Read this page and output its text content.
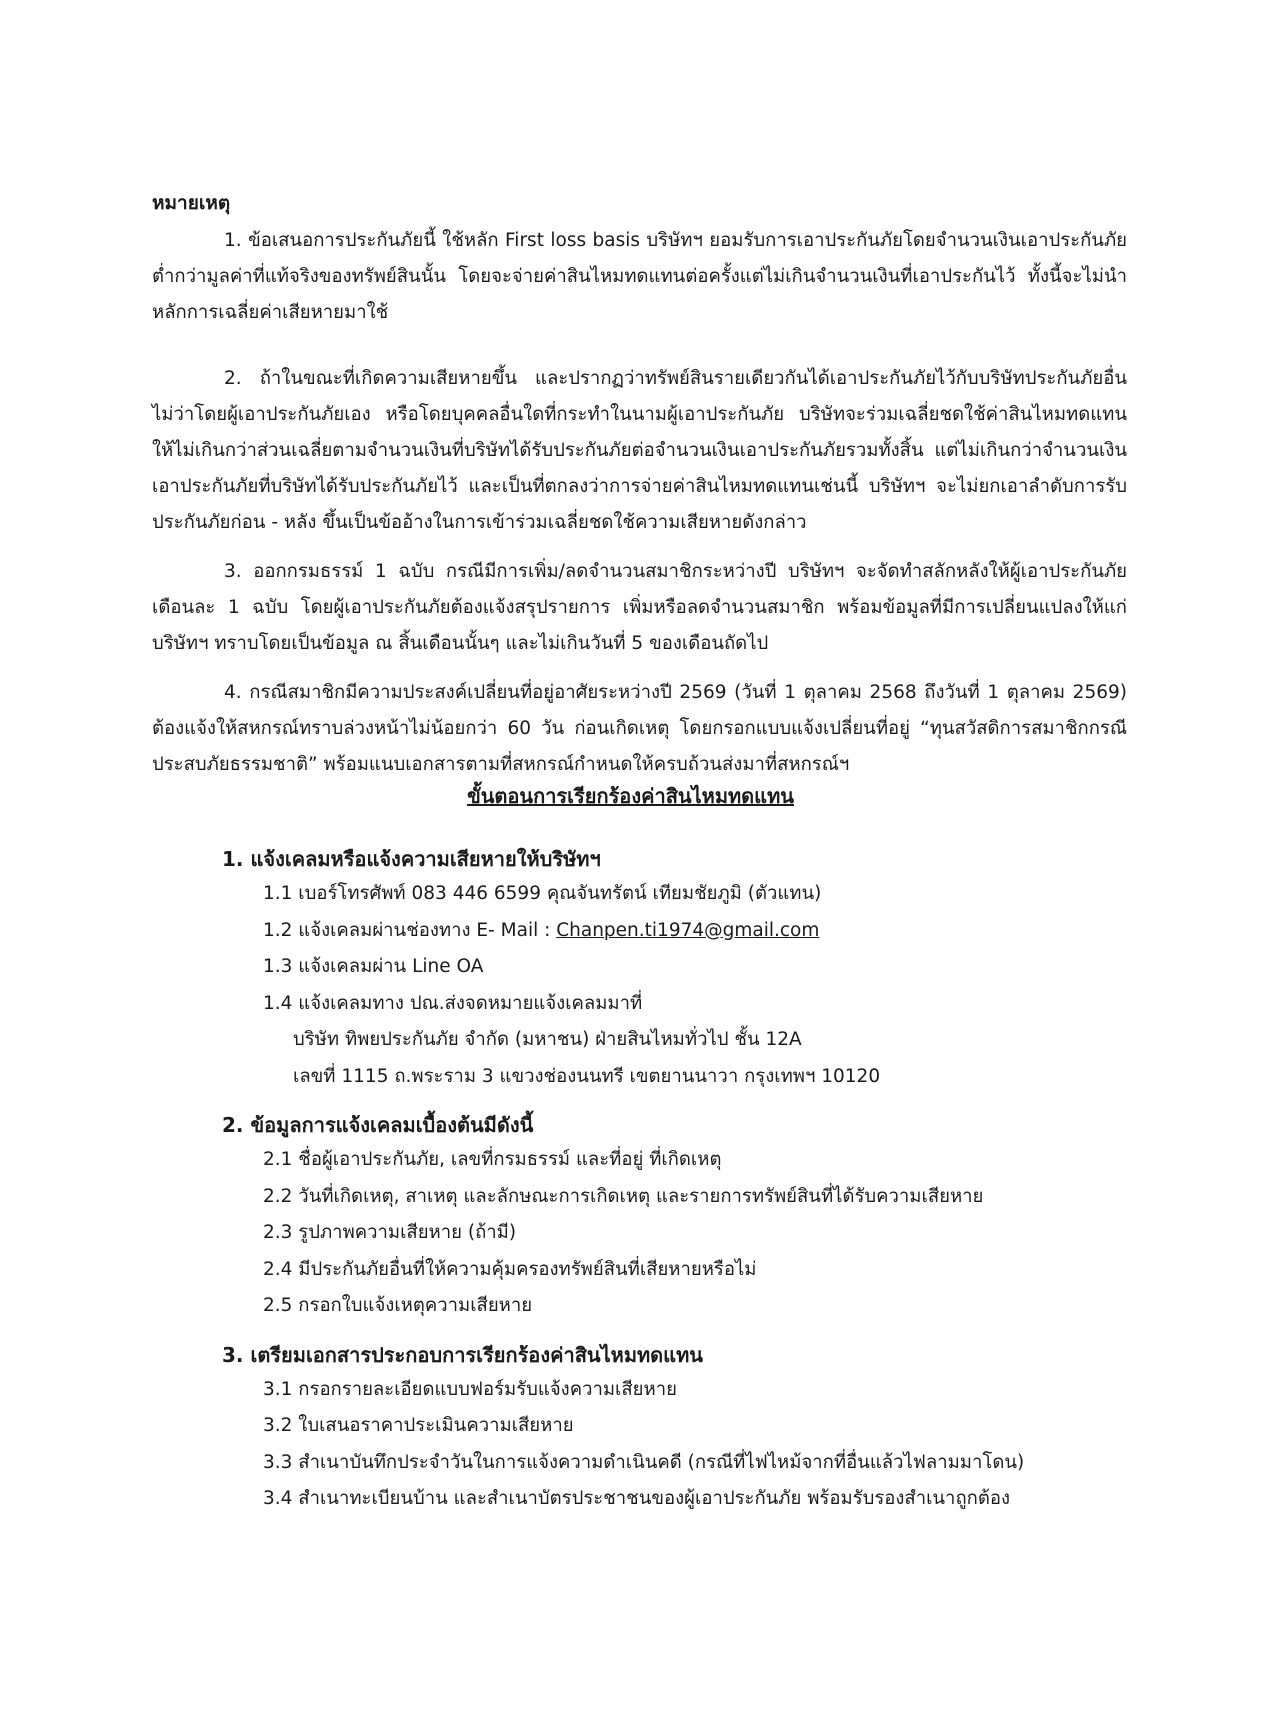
หมายเหตุ

1. ข้อเสนอการประกันภัยนี้ ใช้หลัก First loss basis บริษัทฯ ยอมรับการเอาประกันภัยโดยจำนวนเงินเอาประกันภัยต่ำกว่ามูลค่าที่แท้จริงของทรัพย์สินนั้น โดยจะจ่ายค่าสินไหมทดแทนต่อครั้งแต่ไม่เกินจำนวนเงินที่เอาประกันไว้ ทั้งนี้จะไม่นำหลักการเฉลี่ยค่าเสียหายมาใช้

2. ถ้าในขณะที่เกิดความเสียหายขึ้น และปรากฏว่าทรัพย์สินรายเดียวกันได้เอาประกันภัยไว้กับบริษัทประกันภัยอื่น ไม่ว่าโดยผู้เอาประกันภัยเอง หรือโดยบุคคลอื่นใดที่กระทำในนามผู้เอาประกันภัย บริษัทจะร่วมเฉลี่ยชดใช้ค่าสินไหมทดแทนให้ไม่เกินกว่าส่วนเฉลี่ยตามจำนวนเงินที่บริษัทได้รับประกันภัยต่อจำนวนเงินเอาประกันภัยรวมทั้งสิ้น แต่ไม่เกินกว่าจำนวนเงินเอาประกันภัยที่บริษัทได้รับประกันภัยไว้ และเป็นที่ตกลงว่าการจ่ายค่าสินไหมทดแทนเช่นนี้ บริษัทฯ จะไม่ยกเอาลำดับการรับประกันภัยก่อน - หลัง ขึ้นเป็นข้ออ้างในการเข้าร่วมเฉลี่ยชดใช้ความเสียหายดังกล่าว

3. ออกกรมธรรม์ 1 ฉบับ กรณีมีการเพิ่ม/ลดจำนวนสมาชิกระหว่างปี บริษัทฯ จะจัดทำสลักหลังให้ผู้เอาประกันภัยเดือนละ 1 ฉบับ โดยผู้เอาประกันภัยต้องแจ้งสรุปรายการ เพิ่มหรือลดจำนวนสมาชิก พร้อมข้อมูลที่มีการเปลี่ยนแปลงให้แก่บริษัทฯ ทราบโดยเป็นข้อมูล ณ สิ้นเดือนนั้นๆ และไม่เกินวันที่ 5 ของเดือนถัดไป

4. กรณีสมาชิกมีความประสงค์เปลี่ยนที่อยู่อาศัยระหว่างปี 2569 (วันที่ 1 ตุลาคม 2568 ถึงวันที่ 1 ตุลาคม 2569) ต้องแจ้งให้สหกรณ์ทราบล่วงหน้าไม่น้อยกว่า 60 วัน ก่อนเกิดเหตุ โดยกรอกแบบแจ้งเปลี่ยนที่อยู่ “ทุนสวัสดิการสมาชิกกรณีประสบภัยธรรมชาติ” พร้อมแนบเอกสารตามที่สหกรณ์กำหนดให้ครบถ้วนส่งมาที่สหกรณ์ฯ

ขั้นตอนการเรียกร้องค่าสินไหมทดแทน
1. แจ้งเคลมหรือแจ้งความเสียหายให้บริษัทฯ
1.1 เบอร์โทรศัพท์ 083 446 6599 คุณจันทรัตน์ เทียมชัยภูมิ (ตัวแทน)
1.2 แจ้งเคลมผ่านช่องทาง E- Mail : Chanpen.ti1974@gmail.com
1.3 แจ้งเคลมผ่าน Line OA
1.4 แจ้งเคลมทาง ปณ.ส่งจดหมายแจ้งเคลมมาที่
บริษัท ทิพยประกันภัย จำกัด (มหาชน) ฝ่ายสินไหมทั่วไป ชั้น 12A
เลขที่ 1115 ถ.พระราม 3 แขวงช่องนนทรี เขตยานนาวา กรุงเทพฯ 10120
2. ข้อมูลการแจ้งเคลมเบื้องต้นมีดังนี้
2.1 ชื่อผู้เอาประกันภัย, เลขที่กรมธรรม์ และที่อยู่ ที่เกิดเหตุ
2.2 วันที่เกิดเหตุ, สาเหตุ และลักษณะการเกิดเหตุ และรายการทรัพย์สินที่ได้รับความเสียหาย
2.3 รูปภาพความเสียหาย (ถ้ามี)
2.4 มีประกันภัยอื่นที่ให้ความคุ้มครองทรัพย์สินที่เสียหายหรือไม่
2.5 กรอกใบแจ้งเหตุความเสียหาย
3. เตรียมเอกสารประกอบการเรียกร้องค่าสินไหมทดแทน
3.1 กรอกรายละเอียดแบบฟอร์มรับแจ้งความเสียหาย
3.2 ใบเสนอราคาประเมินความเสียหาย
3.3 สำเนาบันทึกประจำวันในการแจ้งความดำเนินคดี (กรณีที่ไฟไหม้จากที่อื่นแล้วไฟลามมาโดน)
3.4 สำเนาทะเบียนบ้าน และสำเนาบัตรประชาชนของผู้เอาประกันภัย พร้อมรับรองสำเนาถูกต้อง
